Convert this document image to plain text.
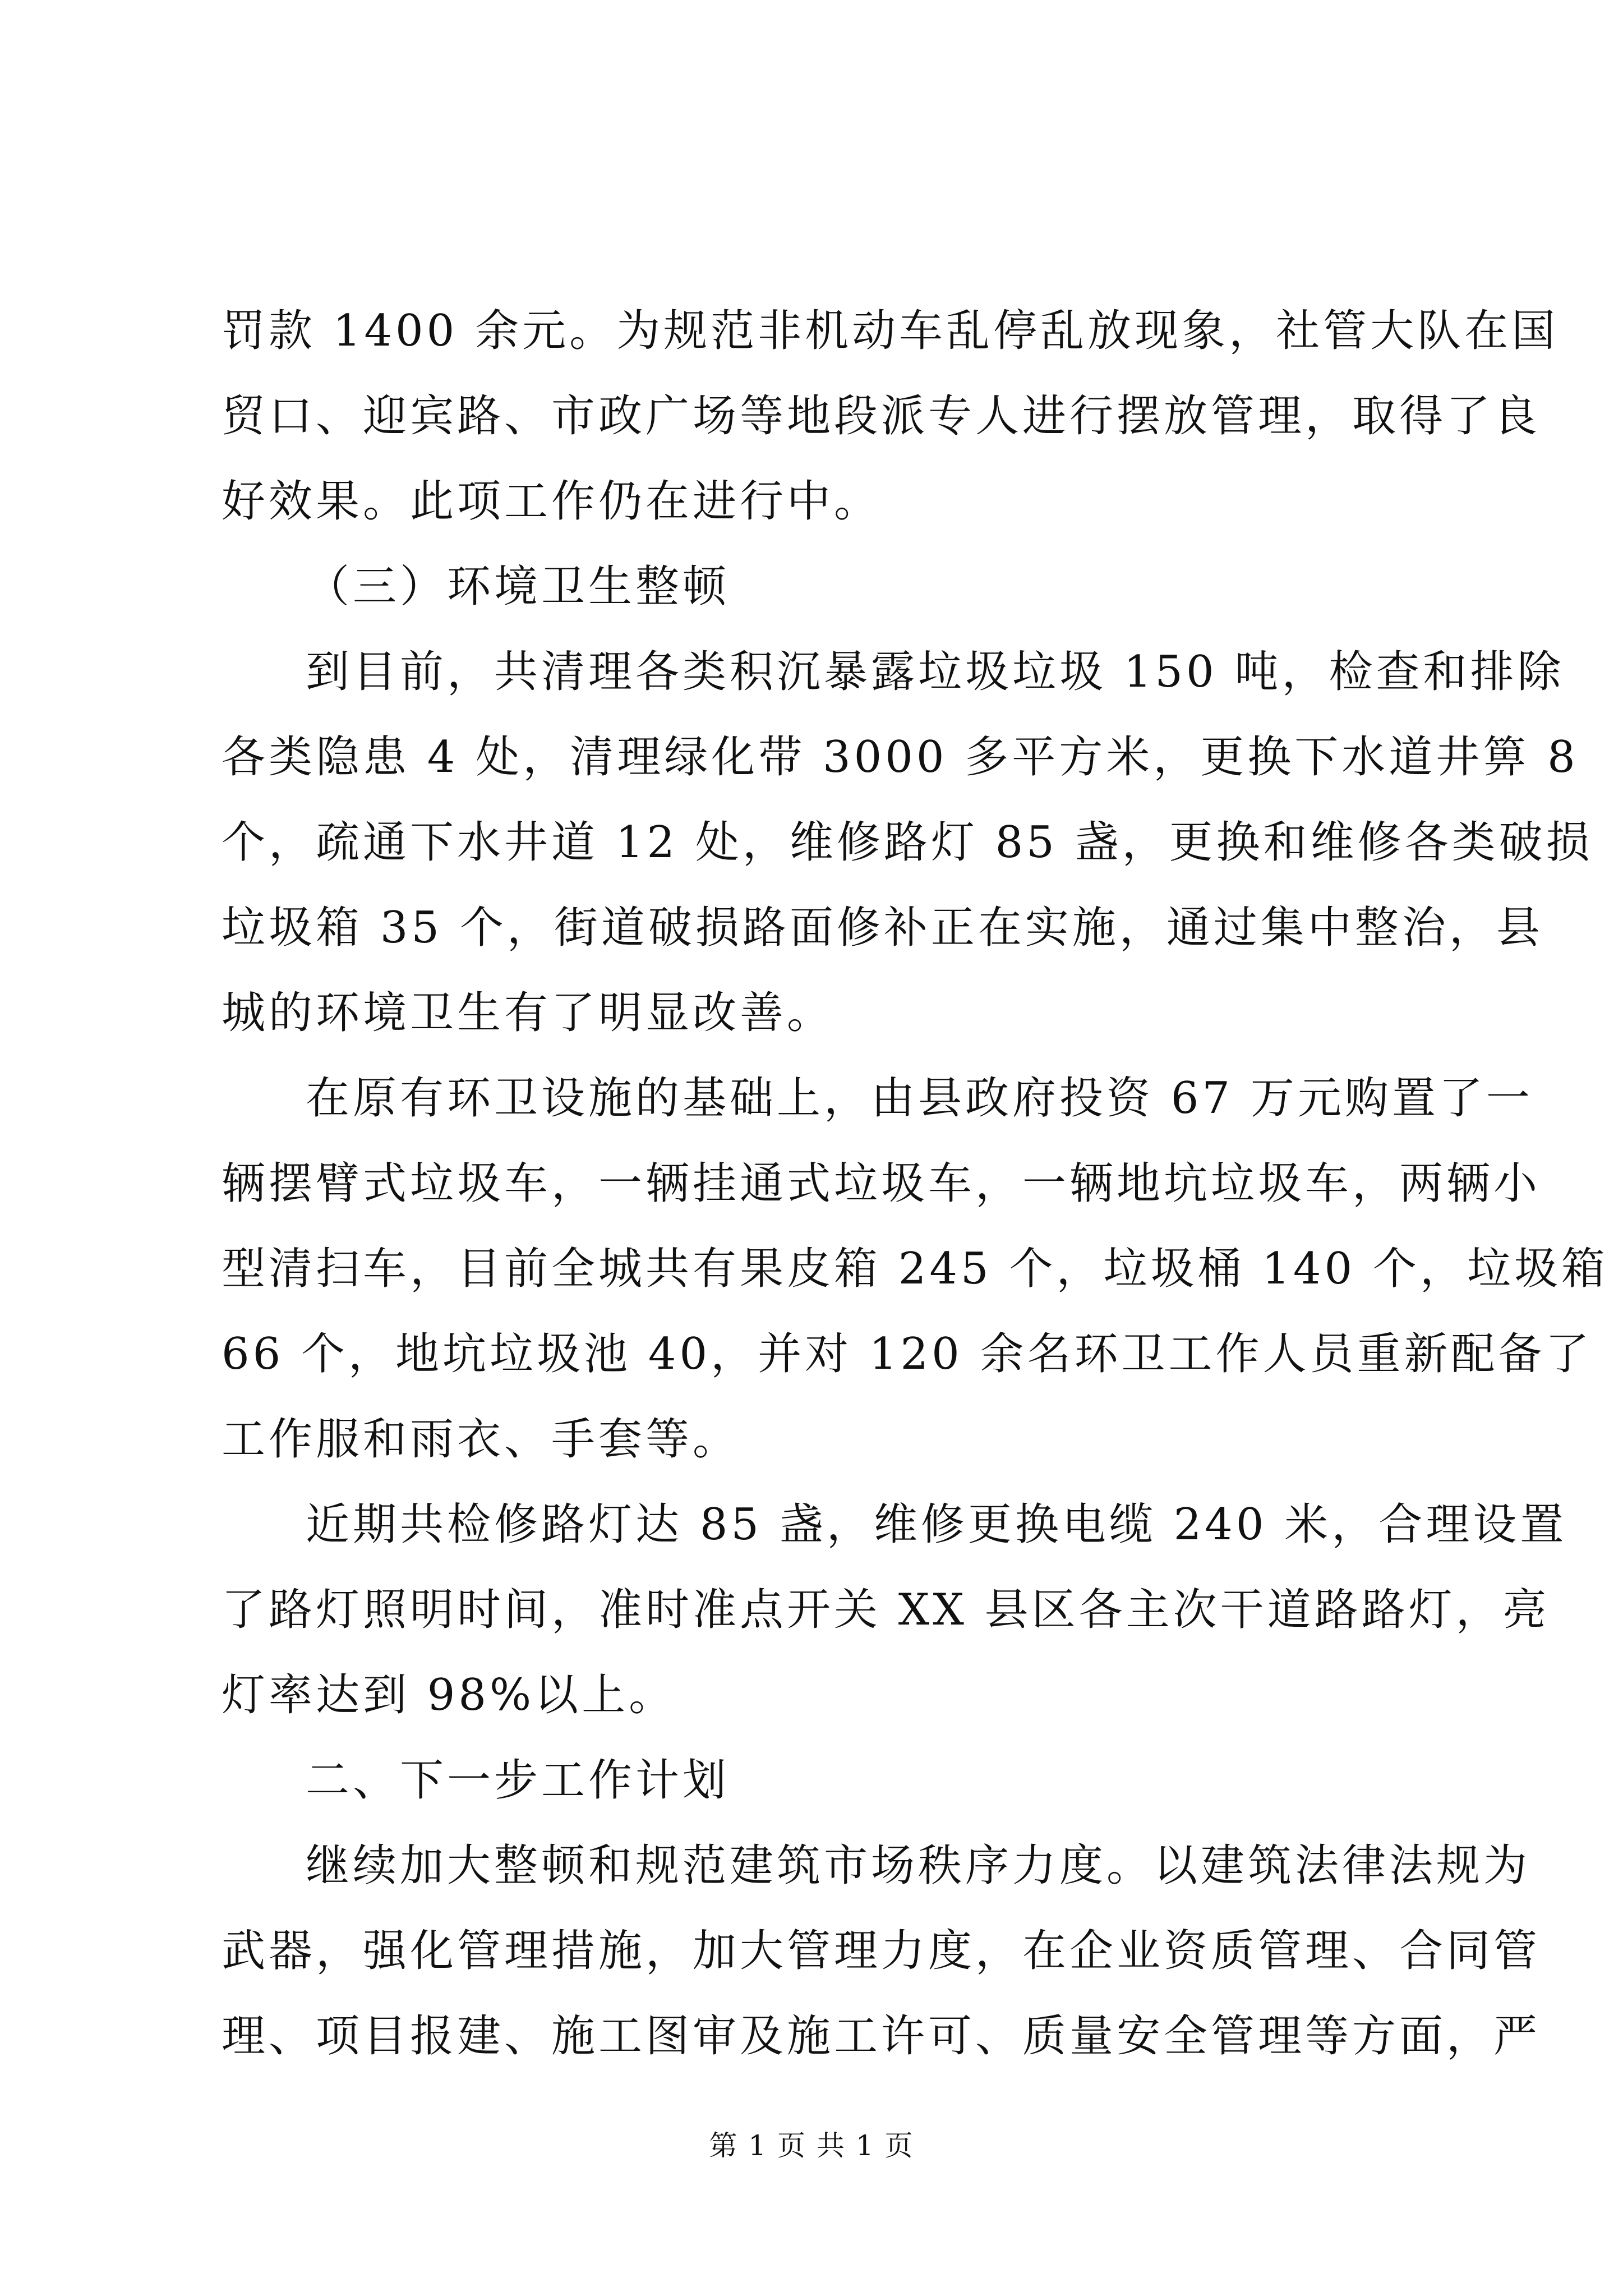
罚款 1400 余元。为规范非机动车乱停乱放现象，社管大队在国
贸口、迎宾路、市政广场等地段派专人进行摆放管理，取得了良
好效果。此项工作仍在进行中。
（三）环境卫生整顿
到目前，共清理各类积沉暴露垃圾垃圾 150 吨，检查和排除
各类隐患 4 处，清理绿化带 3000 多平方米，更换下水道井箅 8
个，疏通下水井道 12 处，维修路灯 85 盏，更换和维修各类破损
垃圾箱 35 个，街道破损路面修补正在实施，通过集中整治，县
城的环境卫生有了明显改善。
在原有环卫设施的基础上，由县政府投资 67 万元购置了一
辆摆臂式垃圾车，一辆挂通式垃圾车，一辆地坑垃圾车，两辆小
型清扫车，目前全城共有果皮箱 245 个，垃圾桶 140 个，垃圾箱
66 个，地坑垃圾池 40，并对 120 余名环卫工作人员重新配备了
工作服和雨衣、手套等。
近期共检修路灯达 85 盏，维修更换电缆 240 米，合理设置
了路灯照明时间，准时准点开关 XX 县区各主次干道路路灯，亮
灯率达到 98%以上。
二、下一步工作计划
继续加大整顿和规范建筑市场秩序力度。以建筑法律法规为
武器，强化管理措施，加大管理力度，在企业资质管理、合同管
理、项目报建、施工图审及施工许可、质量安全管理等方面，严
第 1 页 共 1 页
